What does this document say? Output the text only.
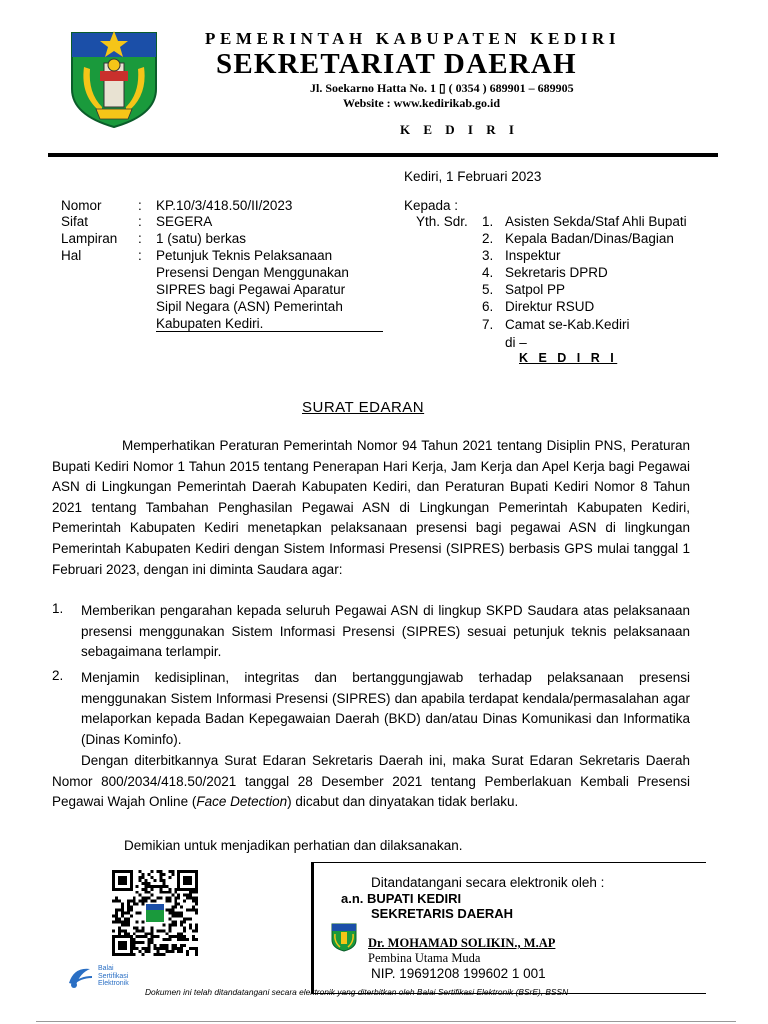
PEMERINTAH KABUPATEN KEDIRI
SEKRETARIAT DAERAH
Jl. Soekarno Hatta No. 1 ▯ ( 0354 ) 689901 – 689905
Website : www.kedirikab.go.id
K E D I R I
Kediri, 1 Februari 2023
Nomor	: KP.10/3/418.50/II/2023
Sifat	: SEGERA
Lampiran : 1 (satu) berkas
Hal	: Petunjuk Teknis Pelaksanaan
Presensi Dengan Menggunakan
SIPRES bagi Pegawai Aparatur
Sipil Negara (ASN) Pemerintah
Kabupaten Kediri.
Kepada :
Yth. Sdr. 1. Asisten Sekda/Staf Ahli Bupati
2. Kepala Badan/Dinas/Bagian
3. Inspektur
4. Sekretaris DPRD
5. Satpol PP
6. Direktur RSUD
7. Camat se-Kab.Kediri
di –
K E D I R I
SURAT EDARAN
Memperhatikan Peraturan Pemerintah Nomor 94 Tahun 2021 tentang Disiplin PNS, Peraturan Bupati Kediri Nomor 1 Tahun 2015 tentang Penerapan Hari Kerja, Jam Kerja dan Apel Kerja bagi Pegawai ASN di Lingkungan Pemerintah Daerah Kabupaten Kediri, dan Peraturan Bupati Kediri Nomor 8 Tahun 2021 tentang Tambahan Penghasilan Pegawai ASN di Lingkungan Pemerintah Kabupaten Kediri, Pemerintah Kabupaten Kediri menetapkan pelaksanaan presensi bagi pegawai ASN di lingkungan Pemerintah Kabupaten Kediri dengan Sistem Informasi Presensi (SIPRES) berbasis GPS mulai tanggal 1 Februari 2023, dengan ini diminta Saudara agar:
1. Memberikan pengarahan kepada seluruh Pegawai ASN di lingkup SKPD Saudara atas pelaksanaan presensi menggunakan Sistem Informasi Presensi (SIPRES) sesuai petunjuk teknis pelaksanaan sebagaimana terlampir.
2. Menjamin kedisiplinan, integritas dan bertanggungjawab terhadap pelaksanaan presensi menggunakan Sistem Informasi Presensi (SIPRES) dan apabila terdapat kendala/permasalahan agar melaporkan kepada Badan Kepegawaian Daerah (BKD) dan/atau Dinas Komunikasi dan Informatika (Dinas Kominfo).
Dengan diterbitkannya Surat Edaran Sekretaris Daerah ini, maka Surat Edaran Sekretaris Daerah Nomor 800/2034/418.50/2021 tanggal 28 Desember 2021 tentang Pemberlakuan Kembali Presensi Pegawai Wajah Online (Face Detection) dicabut dan dinyatakan tidak berlaku.
Demikian untuk menjadikan perhatian dan dilaksanakan.
Balai
Sertifikasi
Elektronik
Ditandatangani secara elektronik oleh :
a.n. BUPATI KEDIRI
SEKRETARIS DAERAH
Dr. MOHAMAD SOLIKIN., M.AP
Pembina Utama Muda
NIP. 19691208 199602 1 001
Dokumen ini telah ditandatangani secara elektronik yang diterbitkan oleh Balai Sertifikasi Elektronik (BSrE), BSSN
